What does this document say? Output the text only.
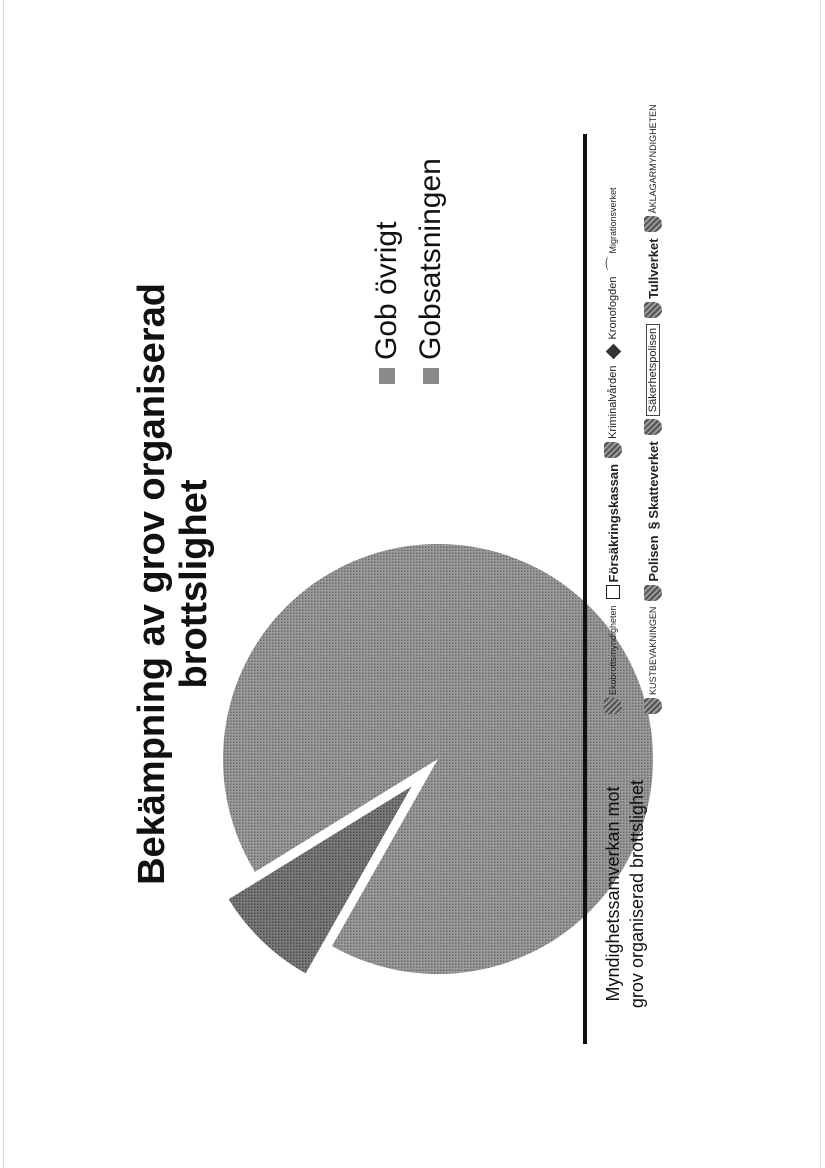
Bekämpning av grov organiserad brottslighet
Gob övrigt Gobsatsningen
Myndighetssamverkan mot grov organiserad brottslighet
Ekobrottsmyndigheten
Försäkringskassan
Kriminalvården
Kronofogden
⌒
Migrationsverket
KUSTBEVAKNINGEN
Polisen
§
Skatteverket
Säkerhetspolisen
Tullverket
ÅKLAGARMYNDIGHETEN
